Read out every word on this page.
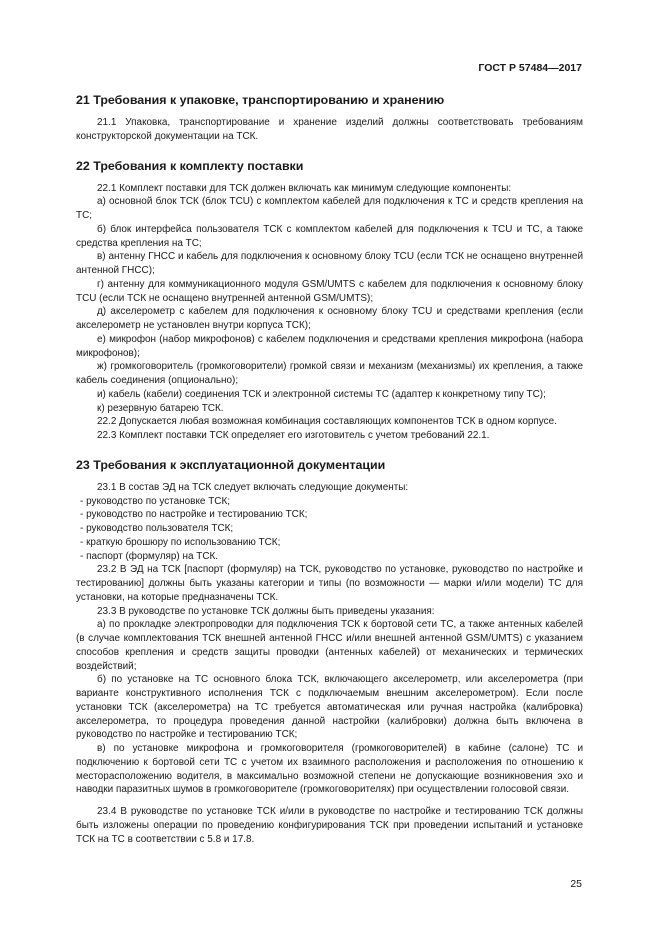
ГОСТ Р 57484—2017
21 Требования к упаковке, транспортированию и хранению

21.1 Упаковка, транспортирование и хранение изделий должны соответствовать требованиям конструкторской документации на ТСК.

22 Требования к комплекту поставки

22.1 Комплект поставки для ТСК должен включать как минимум следующие компоненты:

а) основной блок ТСК (блок TCU) с комплектом кабелей для подключения к ТС и средств крепления на ТС;

б) блок интерфейса пользователя ТСК с комплектом кабелей для подключения к TCU и ТС, а также средства крепления на ТС;

в) антенну ГНСС и кабель для подключения к основному блоку TCU (если ТСК не оснащено внутренней антенной ГНСС);

г) антенну для коммуникационного модуля GSM/UMTS с кабелем для подключения к основному блоку TCU (если ТСК не оснащено внутренней антенной GSM/UMTS);

д) акселерометр с кабелем для подключения к основному блоку TCU и средствами крепления (если акселерометр не установлен внутри корпуса ТСК);

е) микрофон (набор микрофонов) с кабелем подключения и средствами крепления микрофона (набора микрофонов);

ж) громкоговоритель (громкоговорители) громкой связи и механизм (механизмы) их крепления, а также кабель соединения (опционально);

и) кабель (кабели) соединения ТСК и электронной системы ТС (адаптер к конкретному типу ТС);

к) резервную батарею ТСК.

22.2 Допускается любая возможная комбинация составляющих компонентов ТСК в одном корпусе.

22.3 Комплект поставки ТСК определяет его изготовитель с учетом требований 22.1.

23 Требования к эксплуатационной документации

23.1 В состав ЭД на ТСК следует включать следующие документы:

- руководство по установке ТСК;

- руководство по настройке и тестированию ТСК;

- руководство пользователя ТСК;

- краткую брошюру по использованию ТСК;

- паспорт (формуляр) на ТСК.

23.2 В ЭД на ТСК [паспорт (формуляр) на ТСК, руководство по установке, руководство по настройке и тестированию] должны быть указаны категории и типы (по возможности — марки и/или модели) ТС для установки, на которые предназначены ТСК.

23.3 В руководстве по установке ТСК должны быть приведены указания:

а) по прокладке электропроводки для подключения ТСК к бортовой сети ТС, а также антенных кабелей (в случае комплектования ТСК внешней антенной ГНСС и/или внешней антенной GSM/UMTS) с указанием способов крепления и средств защиты проводки (антенных кабелей) от механических и термических воздействий;

б) по установке на ТС основного блока ТСК, включающего акселерометр, или акселерометра (при варианте конструктивного исполнения ТСК с подключаемым внешним акселерометром). Если после установки ТСК (акселерометра) на ТС требуется автоматическая или ручная настройка (калибровка) акселерометра, то процедура проведения данной настройки (калибровки) должна быть включена в руководство по настройке и тестированию ТСК;

в) по установке микрофона и громкоговорителя (громкоговорителей) в кабине (салоне) ТС и подключению к бортовой сети ТС с учетом их взаимного расположения и расположения по отношению к месторасположению водителя, в максимально возможной степени не допускающие возникновения эхо и наводки паразитных шумов в громкоговорителе (громкоговорителях) при осуществлении голосовой связи.

23.4 В руководстве по установке ТСК и/или в руководстве по настройке и тестированию ТСК должны быть изложены операции по проведению конфигурирования ТСК при проведении испытаний и установке ТСК на ТС в соответствии с 5.8 и 17.8.

25
